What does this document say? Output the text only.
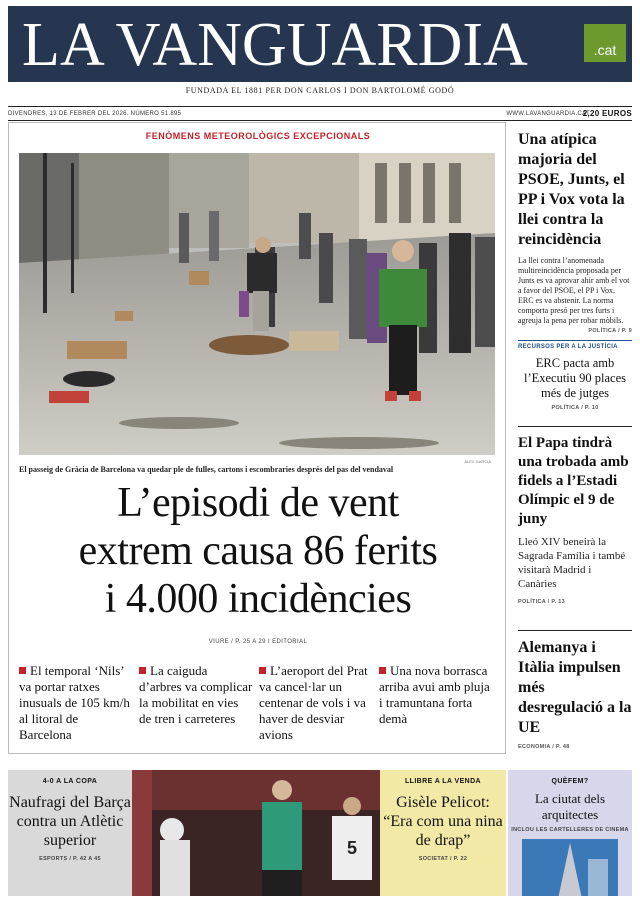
LA VANGUARDIA	.cat
FUNDADA EL 1881 PER DON CARLOS I DON BARTOLOMÉ GODÓ
DIVENDRES, 13 DE FEBRER DEL 2026. NÚMERO 51.895	WWW.LAVANGUARDIA.CAT
2,20 EUROS
FENÒMENS METEOROLÒGICS EXCEPCIONALS
ÀLEX GARCIA
El passeig de Gràcia de Barcelona va quedar ple de fulles, cartons i escombraries després del pas del vendaval
L’episodi de vent
extrem causa 86 ferits
i 4.000 incidències
VIURE / P. 25 A 29 I EDITORIAL
El temporal ‘Nils’ va portar ratxes inusuals de 105 km/h al litoral de Barcelona
La caiguda d’arbres va complicar la mobilitat en vies de tren i carreteres
L’aeroport del Prat va cancel·lar un centenar de vols i va haver de desviar avions
Una nova borrasca arriba avui amb pluja i tramuntana forta demà
Una atípica majoria del PSOE, Junts, el PP i Vox vota la llei contra la reincidència
La llei contra l’anomenada multireincidència proposada per Junts es va aprovar ahir amb el vot a favor del PSOE, el PP i Vox. ERC es va abstenir. La norma comporta presó per tres furts i agreuja la pena per robar mòbils.
POLÍTICA / P. 9
RECURSOS PER A LA JUSTÍCIA
ERC pacta amb l’Executiu 90 places més de jutges
POLÍTICA / P. 10
El Papa tindrà una trobada amb fidels a l’Estadi Olímpic el 9 de juny
Lleó XIV beneirà la Sagrada Família i també visitarà Madrid i Canàries
POLÍTICA / P. 13
Alemanya i Itàlia impulsen més desregulació a la UE
ECONOMIA / P. 48
4-0 A LA COPA
Naufragi del Barça contra un Atlètic superior
ESPORTS / P. 42 A 45
5
LLIBRE A LA VENDA
Gisèle Pelicot: “Era com una nina de drap”
SOCIETAT / P. 22
QUÈFEM?
La ciutat dels arquitectes
INCLOU LES CARTELLERES DE CINEMA
